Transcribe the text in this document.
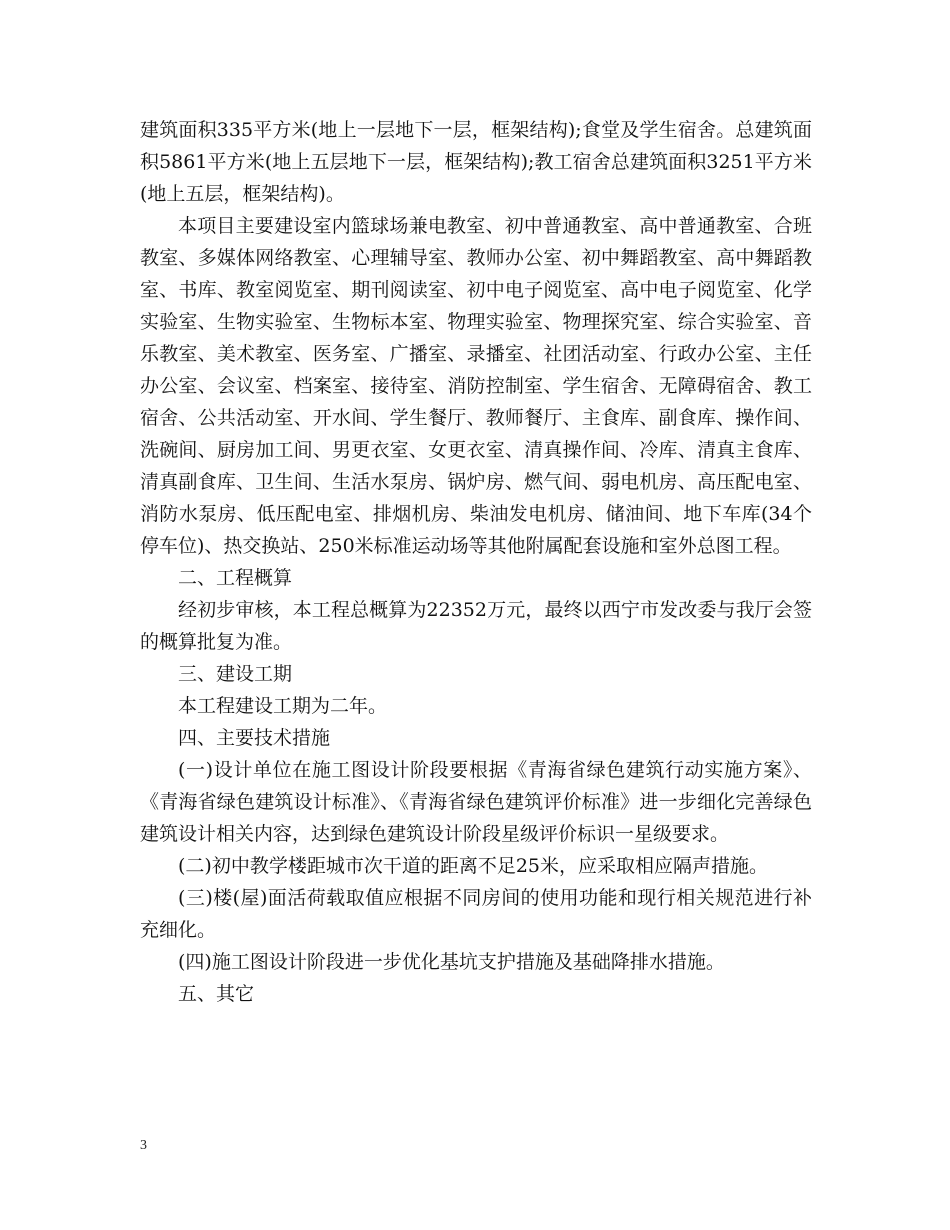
建筑面积335平方米(地上一层地下一层，框架结构);食堂及学生宿舍。总建筑面积5861平方米(地上五层地下一层，框架结构);教工宿舍总建筑面积3251平方米(地上五层，框架结构)。

本项目主要建设室内篮球场兼电教室、初中普通教室、高中普通教室、合班教室、多媒体网络教室、心理辅导室、教师办公室、初中舞蹈教室、高中舞蹈教室、书库、教室阅览室、期刊阅读室、初中电子阅览室、高中电子阅览室、化学实验室、生物实验室、生物标本室、物理实验室、物理探究室、综合实验室、音乐教室、美术教室、医务室、广播室、录播室、社团活动室、行政办公室、主任办公室、会议室、档案室、接待室、消防控制室、学生宿舍、无障碍宿舍、教工宿舍、公共活动室、开水间、学生餐厅、教师餐厅、主食库、副食库、操作间、洗碗间、厨房加工间、男更衣室、女更衣室、清真操作间、冷库、清真主食库、清真副食库、卫生间、生活水泵房、锅炉房、燃气间、弱电机房、高压配电室、消防水泵房、低压配电室、排烟机房、柴油发电机房、储油间、地下车库(34个停车位)、热交换站、250米标准运动场等其他附属配套设施和室外总图工程。

二、工程概算

经初步审核，本工程总概算为22352万元，最终以西宁市发改委与我厅会签的概算批复为准。

三、建设工期

本工程建设工期为二年。

四、主要技术措施

(一)设计单位在施工图设计阶段要根据《青海省绿色建筑行动实施方案》、《青海省绿色建筑设计标准》、《青海省绿色建筑评价标准》进一步细化完善绿色建筑设计相关内容，达到绿色建筑设计阶段星级评价标识一星级要求。

(二)初中教学楼距城市次干道的距离不足25米，应采取相应隔声措施。

(三)楼(屋)面活荷载取值应根据不同房间的使用功能和现行相关规范进行补充细化。

(四)施工图设计阶段进一步优化基坑支护措施及基础降排水措施。

五、其它

3
